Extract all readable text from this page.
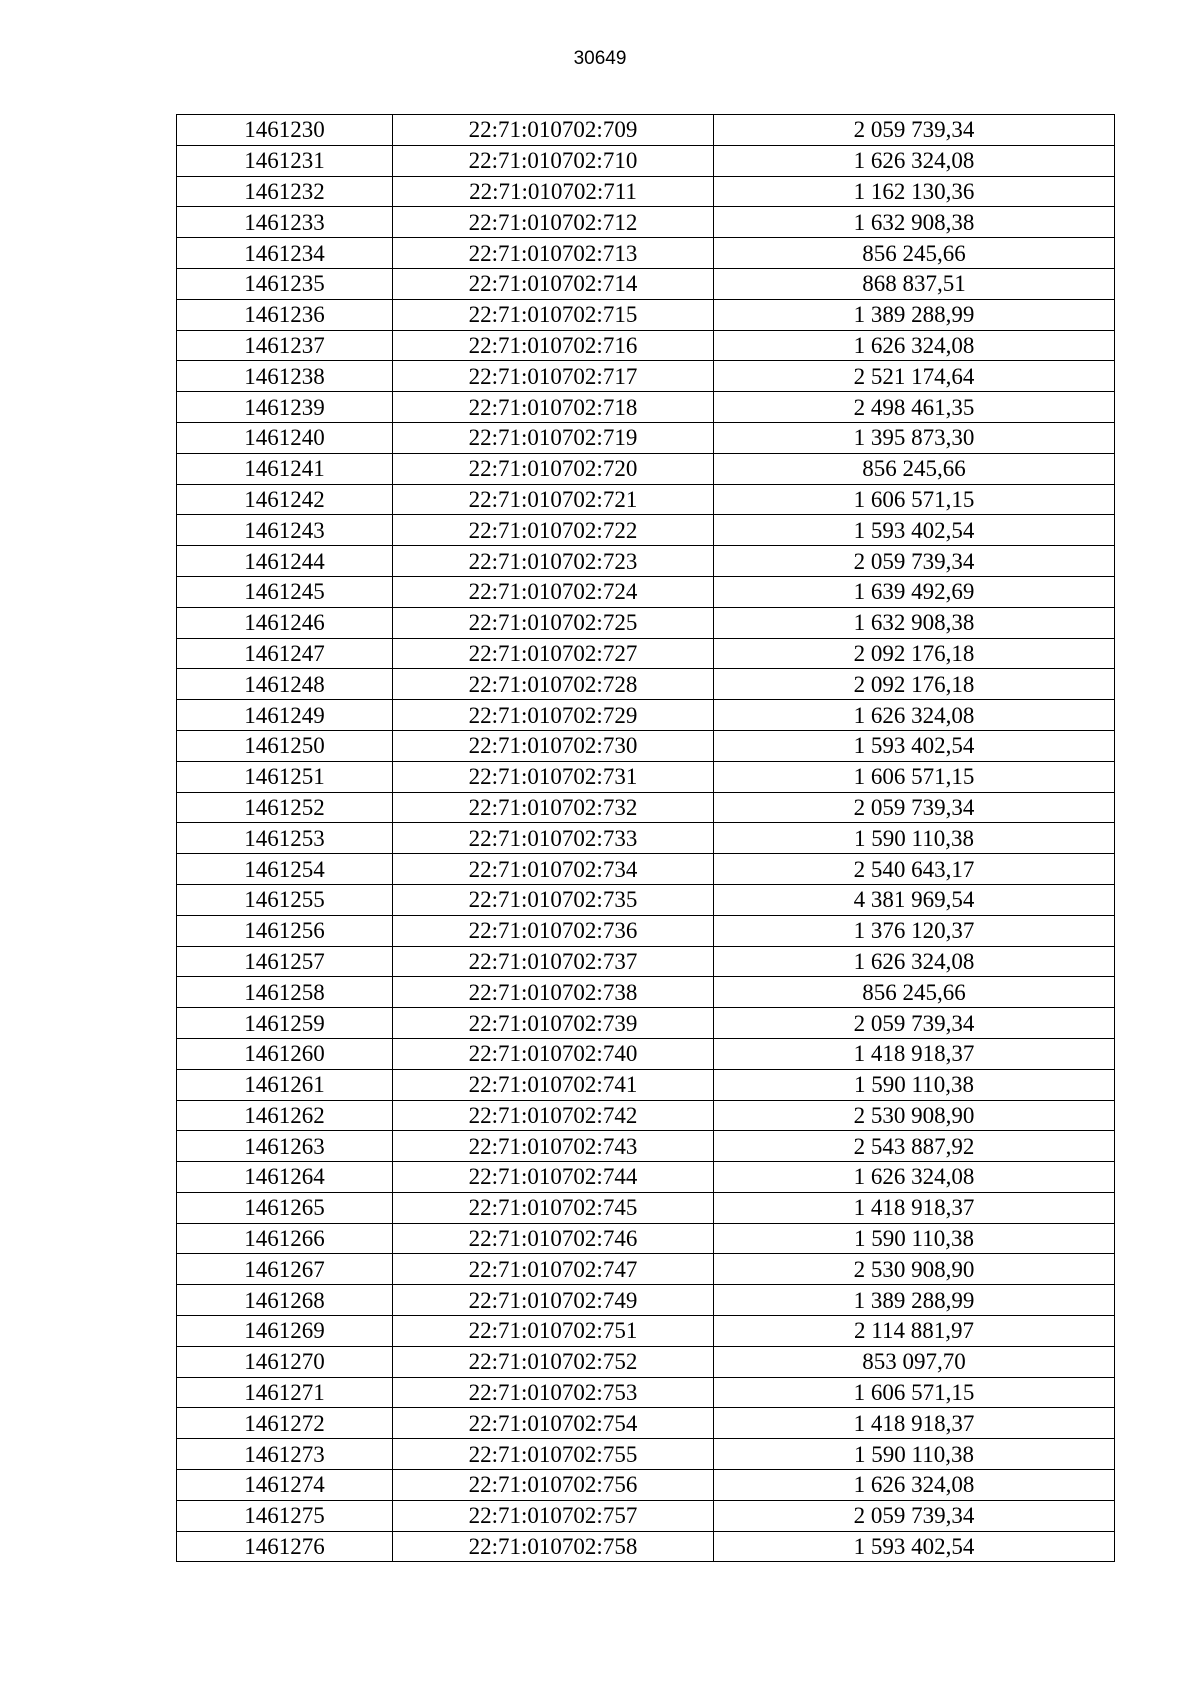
30649
1461230	22:71:010702:709	2 059 739,34
1461231	22:71:010702:710	1 626 324,08
1461232	22:71:010702:711	1 162 130,36
1461233	22:71:010702:712	1 632 908,38
1461234	22:71:010702:713	856 245,66
1461235	22:71:010702:714	868 837,51
1461236	22:71:010702:715	1 389 288,99
1461237	22:71:010702:716	1 626 324,08
1461238	22:71:010702:717	2 521 174,64
1461239	22:71:010702:718	2 498 461,35
1461240	22:71:010702:719	1 395 873,30
1461241	22:71:010702:720	856 245,66
1461242	22:71:010702:721	1 606 571,15
1461243	22:71:010702:722	1 593 402,54
1461244	22:71:010702:723	2 059 739,34
1461245	22:71:010702:724	1 639 492,69
1461246	22:71:010702:725	1 632 908,38
1461247	22:71:010702:727	2 092 176,18
1461248	22:71:010702:728	2 092 176,18
1461249	22:71:010702:729	1 626 324,08
1461250	22:71:010702:730	1 593 402,54
1461251	22:71:010702:731	1 606 571,15
1461252	22:71:010702:732	2 059 739,34
1461253	22:71:010702:733	1 590 110,38
1461254	22:71:010702:734	2 540 643,17
1461255	22:71:010702:735	4 381 969,54
1461256	22:71:010702:736	1 376 120,37
1461257	22:71:010702:737	1 626 324,08
1461258	22:71:010702:738	856 245,66
1461259	22:71:010702:739	2 059 739,34
1461260	22:71:010702:740	1 418 918,37
1461261	22:71:010702:741	1 590 110,38
1461262	22:71:010702:742	2 530 908,90
1461263	22:71:010702:743	2 543 887,92
1461264	22:71:010702:744	1 626 324,08
1461265	22:71:010702:745	1 418 918,37
1461266	22:71:010702:746	1 590 110,38
1461267	22:71:010702:747	2 530 908,90
1461268	22:71:010702:749	1 389 288,99
1461269	22:71:010702:751	2 114 881,97
1461270	22:71:010702:752	853 097,70
1461271	22:71:010702:753	1 606 571,15
1461272	22:71:010702:754	1 418 918,37
1461273	22:71:010702:755	1 590 110,38
1461274	22:71:010702:756	1 626 324,08
1461275	22:71:010702:757	2 059 739,34
1461276	22:71:010702:758	1 593 402,54
